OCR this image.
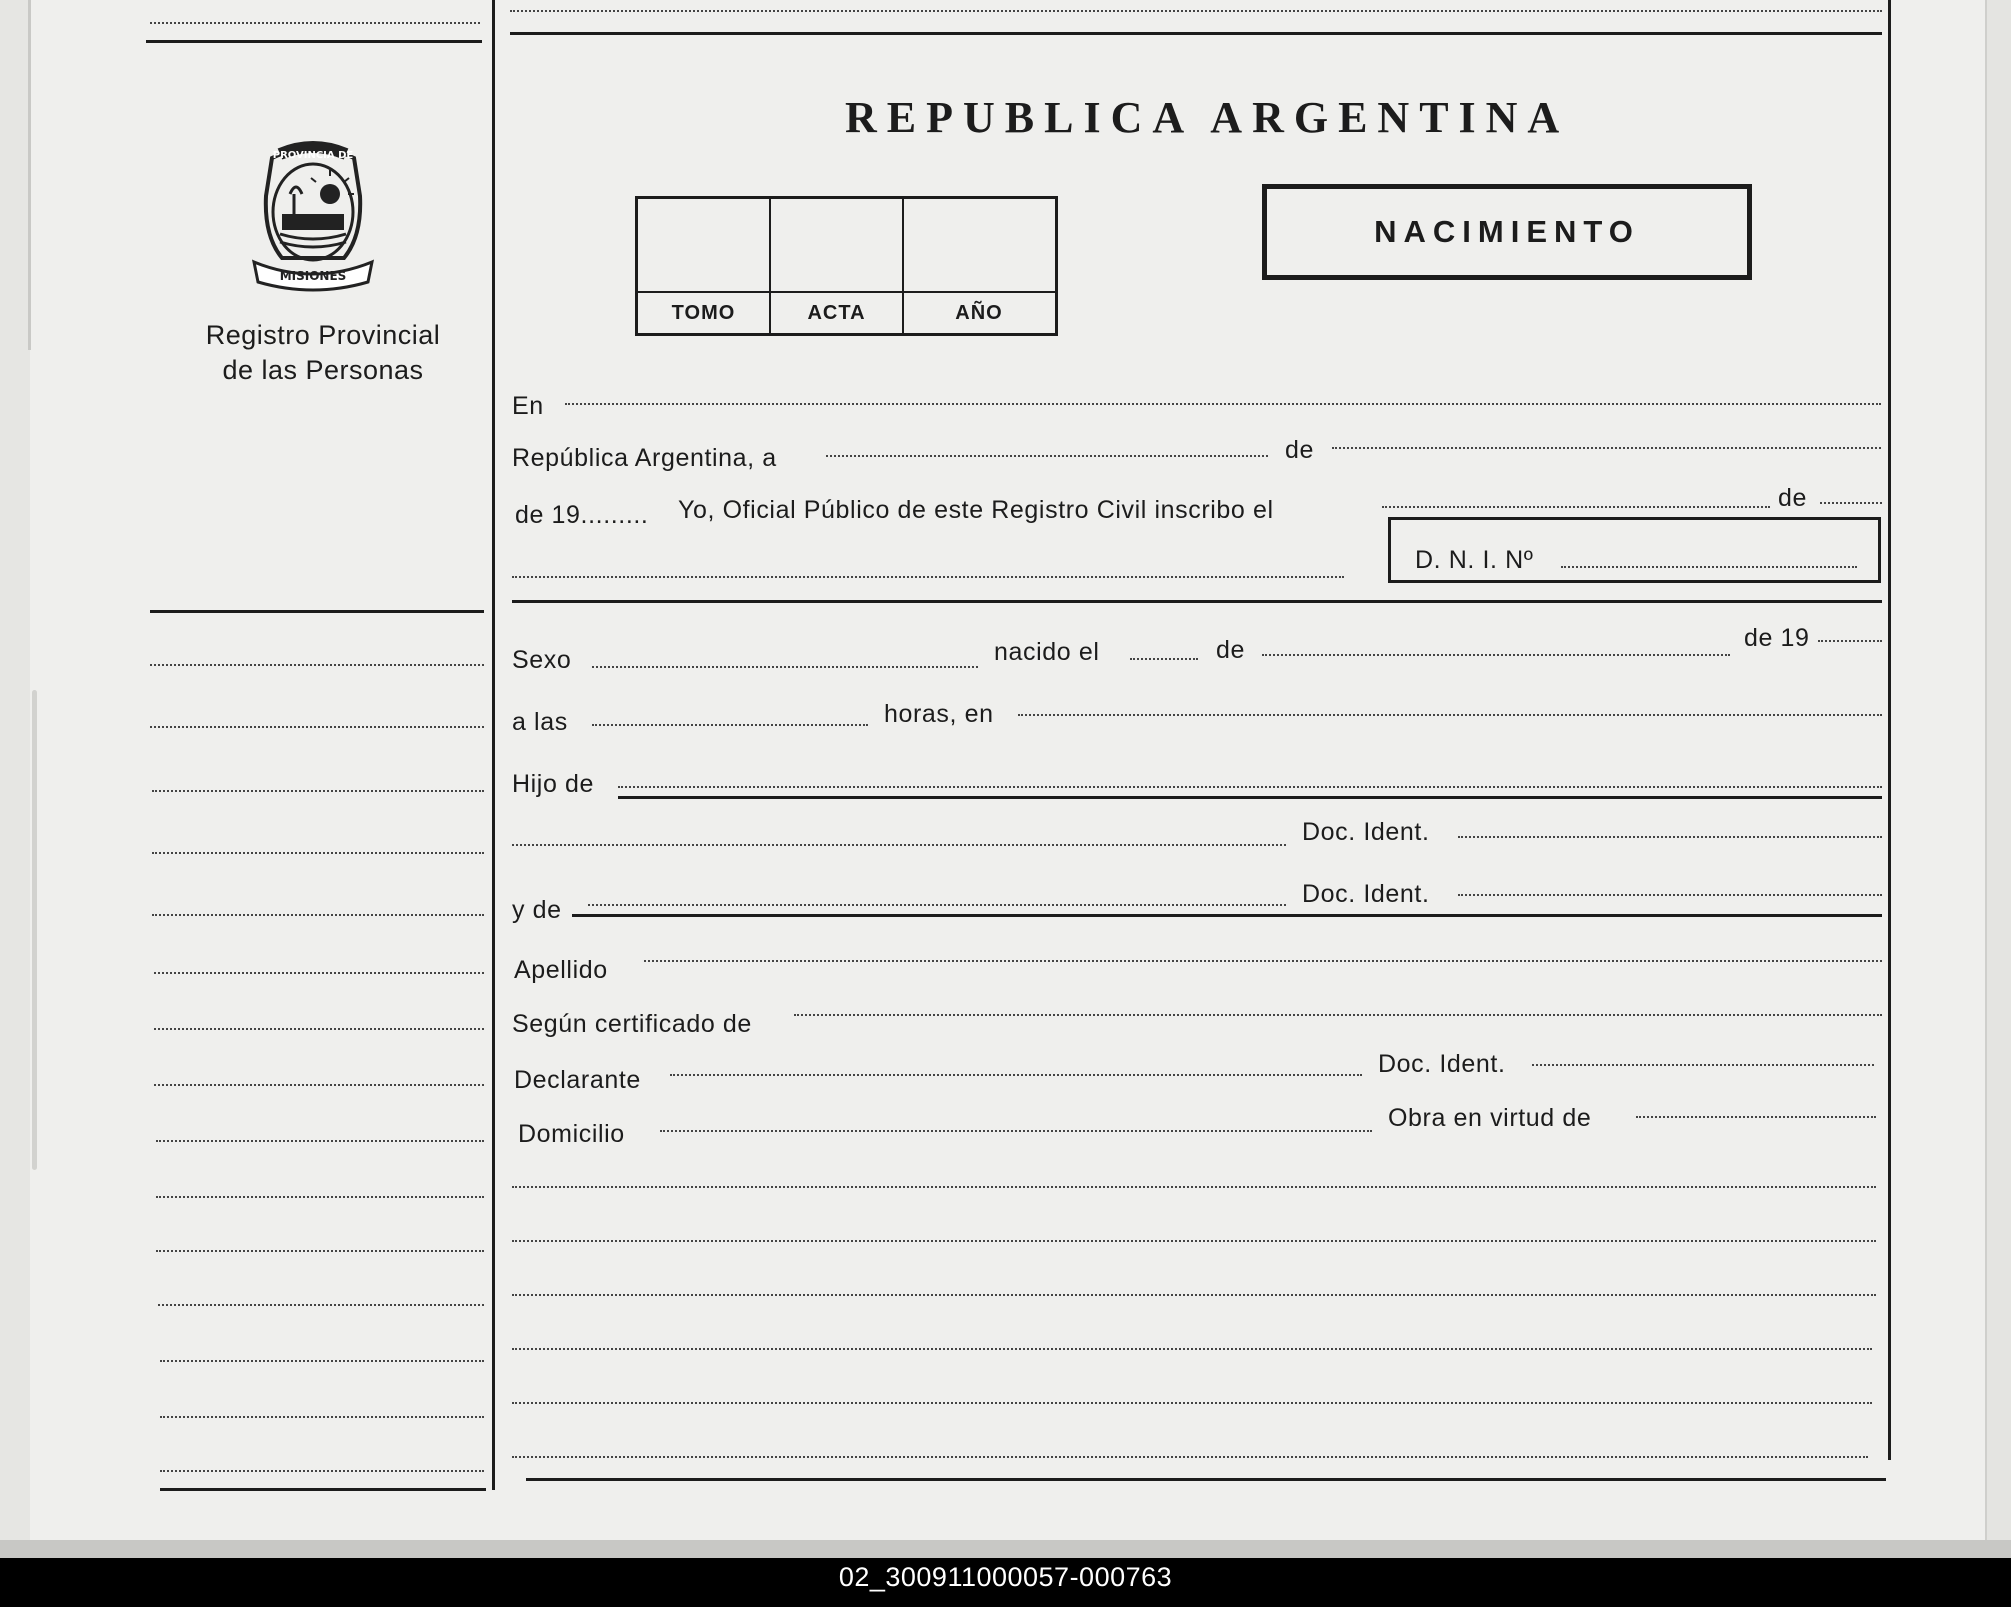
REPUBLICA ARGENTINA
PROVINCIA DE
MISIONES
Registro Provincial
de las Personas
TOMO	ACTA	AÑO
NACIMIENTO
En
República Argentina, a	de
de 19......... Yo, Oficial Público de este Registro Civil inscribo el	de
D. N. I. Nº
Sexo	nacido el	de	de 19
a las	horas, en
Hijo de
Doc. Ident.
y de
Doc. Ident.
Apellido
Según certificado de
Declarante
Doc. Ident.
Domicilio
Obra en virtud de
02_300911000057-000763
